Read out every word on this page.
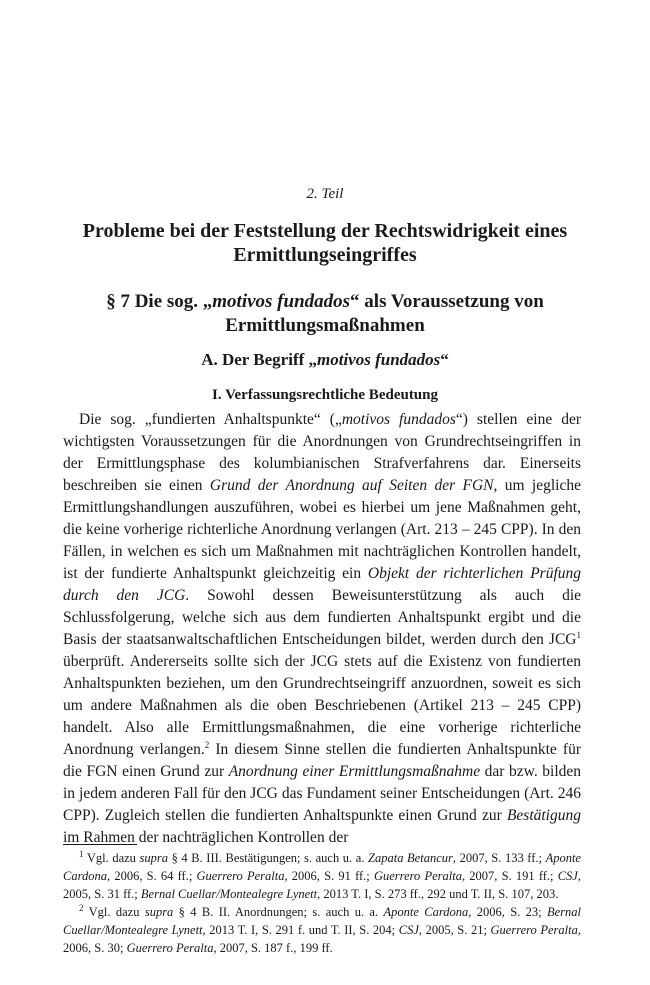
2. Teil
Probleme bei der Feststellung der Rechtswidrigkeit eines Ermittlungseingriffes
§ 7 Die sog. „motivos fundados“ als Voraussetzung von Ermittlungsmaßnahmen
A. Der Begriff „motivos fundados“
I. Verfassungsrechtliche Bedeutung

Die sog. „fundierten Anhaltspunkte“ („motivos fundados“) stellen eine der wichtigsten Voraussetzungen für die Anordnungen von Grundrechtseingriffen in der Ermittlungsphase des kolumbianischen Strafverfahrens dar. Einerseits beschreiben sie einen Grund der Anordnung auf Seiten der FGN, um jegliche Ermittlungshandlungen auszuführen, wobei es hierbei um jene Maßnahmen geht, die keine vorherige richterliche Anordnung verlangen (Art. 213 – 245 CPP). In den Fällen, in welchen es sich um Maßnahmen mit nachträglichen Kontrollen handelt, ist der fundierte Anhaltspunkt gleichzeitig ein Objekt der richterlichen Prüfung durch den JCG. Sowohl dessen Beweisunterstützung als auch die Schlussfolgerung, welche sich aus dem fundierten Anhaltspunkt ergibt und die Basis der staatsanwaltschaftlichen Entscheidungen bildet, werden durch den JCG$^1$ überprüft. Andererseits sollte sich der JCG stets auf die Existenz von fundierten Anhaltspunkten beziehen, um den Grundrechtseingriff anzuordnen, soweit es sich um andere Maßnahmen als die oben Beschriebenen (Artikel 213 – 245 CPP) handelt. Also alle Ermittlungsmaßnahmen, die eine vorherige richterliche Anordnung verlangen.$^2$ In diesem Sinne stellen die fundierten Anhaltspunkte für die FGN einen Grund zur Anordnung einer Ermittlungsmaßnahme dar bzw. bilden in jedem anderen Fall für den JCG das Fundament seiner Entscheidungen (Art. 246 CPP). Zugleich stellen die fundierten Anhaltspunkte einen Grund zur Bestätigung im Rahmen der nachträglichen Kontrollen der

$^1$ Vgl. dazu supra § 4 B. III. Bestätigungen; s. auch u. a. Zapata Betancur, 2007, S. 133 ff.; Aponte Cardona, 2006, S. 64 ff.; Guerrero Peralta, 2006, S. 91 ff.; Guerrero Peralta, 2007, S. 191 ff.; CSJ, 2005, S. 31 ff.; Bernal Cuellar/Montealegre Lynett, 2013 T. I, S. 273 ff., 292 und T. II, S. 107, 203.

$^2$ Vgl. dazu supra § 4 B. II. Anordnungen; s. auch u. a. Aponte Cardona, 2006, S. 23; Bernal Cuellar/Montealegre Lynett, 2013 T. I, S. 291 f. und T. II, S. 204; CSJ, 2005, S. 21; Guerrero Peralta, 2006, S. 30; Guerrero Peralta, 2007, S. 187 f., 199 ff.
